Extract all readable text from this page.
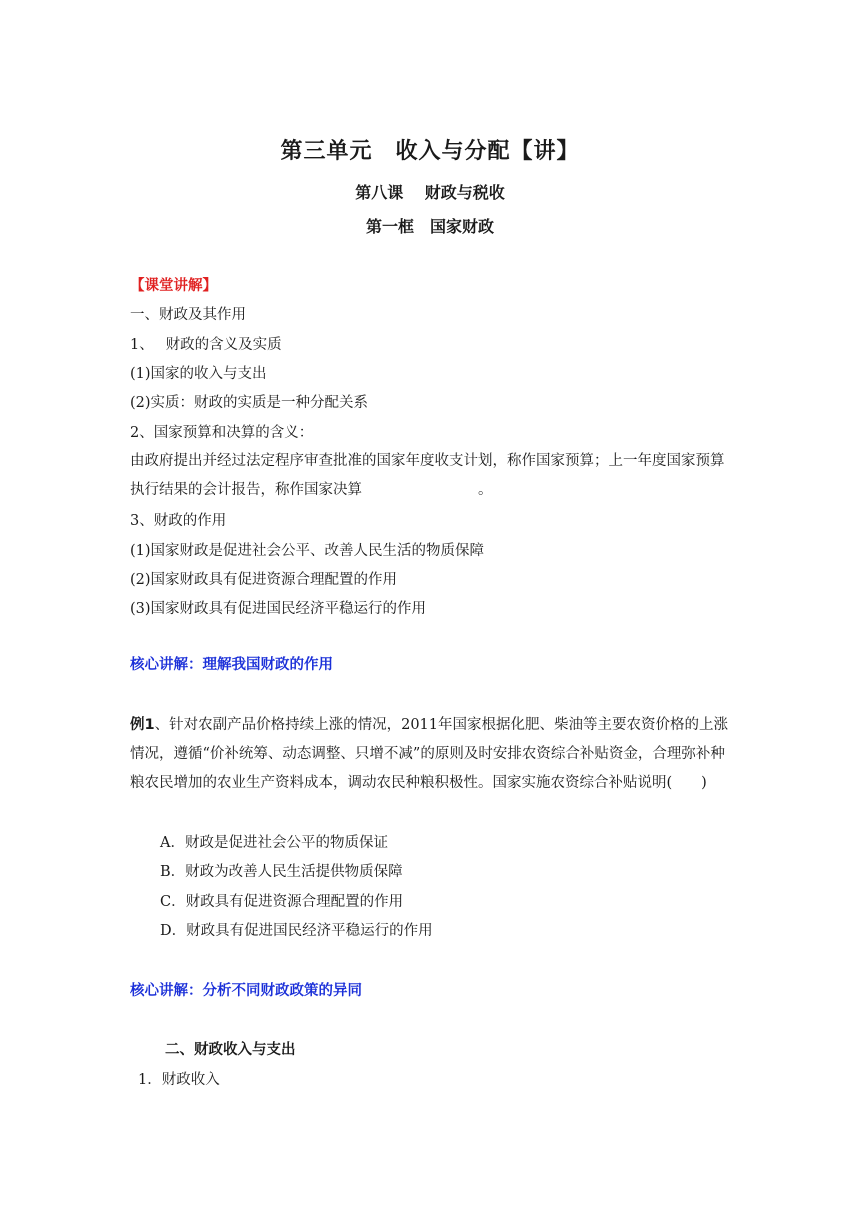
第三单元　收入与分配【讲】
第八课　 财政与税收
第一框　国家财政
【课堂讲解】
一、财政及其作用
1、　 财政的含义及实质
(1)国家的收入与支出
(2)实质：财政的实质是一种分配关系
2、国家预算和决算的含义：
由政府提出并经过法定程序审查批准的国家年度收支计划，称作国家预算；上一年度国家预算执行结果的会计报告，称作国家决算　　　　　　　　。
3、财政的作用
(1)国家财政是促进社会公平、改善人民生活的物质保障
(2)国家财政具有促进资源合理配置的作用
(3)国家财政具有促进国民经济平稳运行的作用
核心讲解：理解我国财政的作用
例1、针对农副产品价格持续上涨的情况，2011年国家根据化肥、柴油等主要农资价格的上涨情况，遵循“价补统筹、动态调整、只增不减”的原则及时安排农资综合补贴资金，合理弥补种粮农民增加的农业生产资料成本，调动农民种粮积极性。国家实施农资综合补贴说明(　　)
A．财政是促进社会公平的物质保证
B．财政为改善人民生活提供物质保障
C．财政具有促进资源合理配置的作用
D．财政具有促进国民经济平稳运行的作用
核心讲解：分析不同财政政策的异同
二、财政收入与支出
1．财政收入
